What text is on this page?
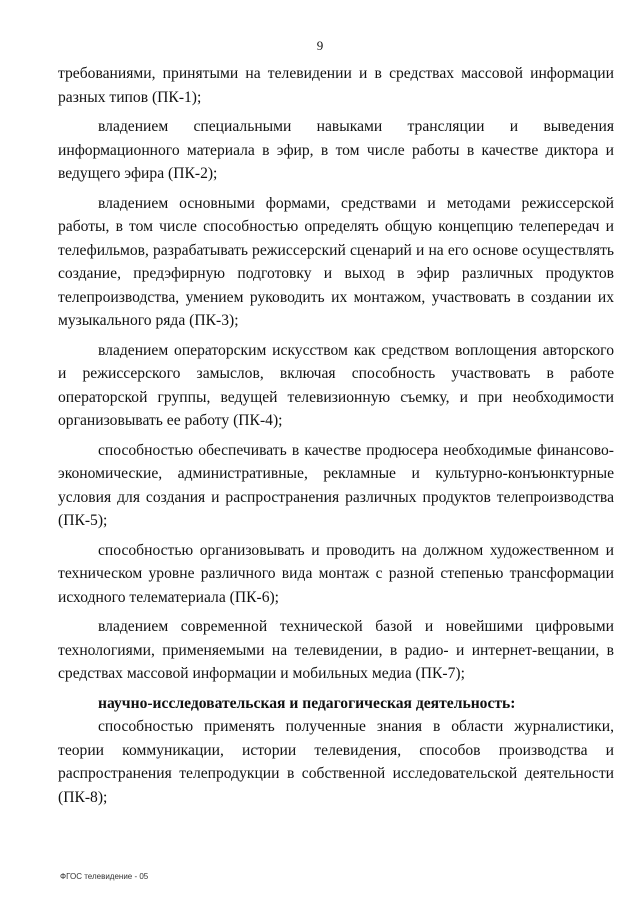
9

требованиями, принятыми на телевидении и в средствах массовой информации разных типов (ПК-1);

владением специальными навыками трансляции и выведения информационного материала в эфир, в том числе работы в качестве диктора и ведущего эфира (ПК-2);

владением основными формами, средствами и методами режиссерской работы, в том числе способностью определять общую концепцию телепередач и телефильмов, разрабатывать режиссерский сценарий и на его основе осуществлять создание, предэфирную подготовку и выход в эфир различных продуктов телепроизводства, умением руководить их монтажом, участвовать в создании их музыкального ряда (ПК-3);

владением операторским искусством как средством воплощения авторского и режиссерского замыслов, включая способность участвовать в работе операторской группы, ведущей телевизионную съемку, и при необходимости организовывать ее работу (ПК-4);

способностью обеспечивать в качестве продюсера необходимые финансово-экономические, административные, рекламные и культурно-конъюнктурные условия для создания и распространения различных продуктов телепроизводства (ПК-5);

способностью организовывать и проводить на должном художественном и техническом уровне различного вида монтаж с разной степенью трансформации исходного телематериала (ПК-6);

владением современной технической базой и новейшими цифровыми технологиями, применяемыми на телевидении, в радио- и интернет-вещании, в средствах массовой информации и мобильных медиа (ПК-7);

научно-исследовательская и педагогическая деятельность:

способностью применять полученные знания в области журналистики, теории коммуникации, истории телевидения, способов производства и распространения телепродукции в собственной исследовательской деятельности (ПК-8);

ФГОС телевидение - 05
